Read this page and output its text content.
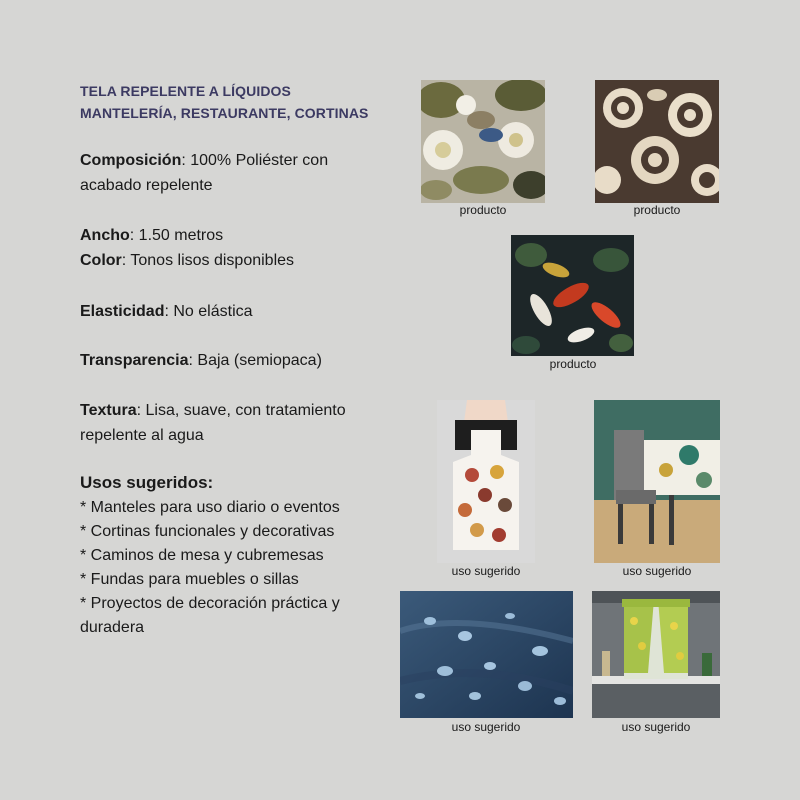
TELA REPELENTE A LÍQUIDOS
MANTELERÍA, RESTAURANTE, CORTINAS
Composición: 100% Poliéster con acabado repelente
Ancho: 1.50 metros
Color: Tonos lisos disponibles
Elasticidad: No elástica
Transparencia: Baja (semiopaca)
Textura: Lisa, suave, con tratamiento repelente al agua
Usos sugeridos:
* Manteles para uso diario o eventos
* Cortinas funcionales y decorativas
* Caminos de mesa y cubremesas
* Fundas para muebles o sillas
* Proyectos de decoración práctica y duradera
producto	producto
producto
uso sugerido	uso sugerido
uso sugerido	uso sugerido
